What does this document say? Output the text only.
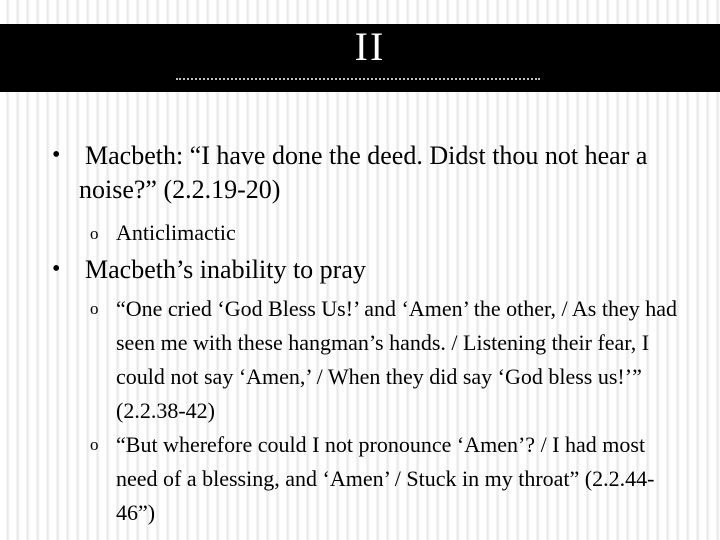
II
• Macbeth: “I have done the deed. Didst thou not hear a noise?” (2.2.19-20)
o Anticlimactic
• Macbeth’s inability to pray
o “One cried ‘God Bless Us!’ and ‘Amen’ the other, / As they had seen me with these hangman’s hands. / Listening their fear, I could not say ‘Amen,’ / When they did say ‘God bless us!’” (2.2.38-42)
o “But wherefore could I not pronounce ‘Amen’? / I had most need of a blessing, and ‘Amen’ / Stuck in my throat” (2.2.44-46”)
